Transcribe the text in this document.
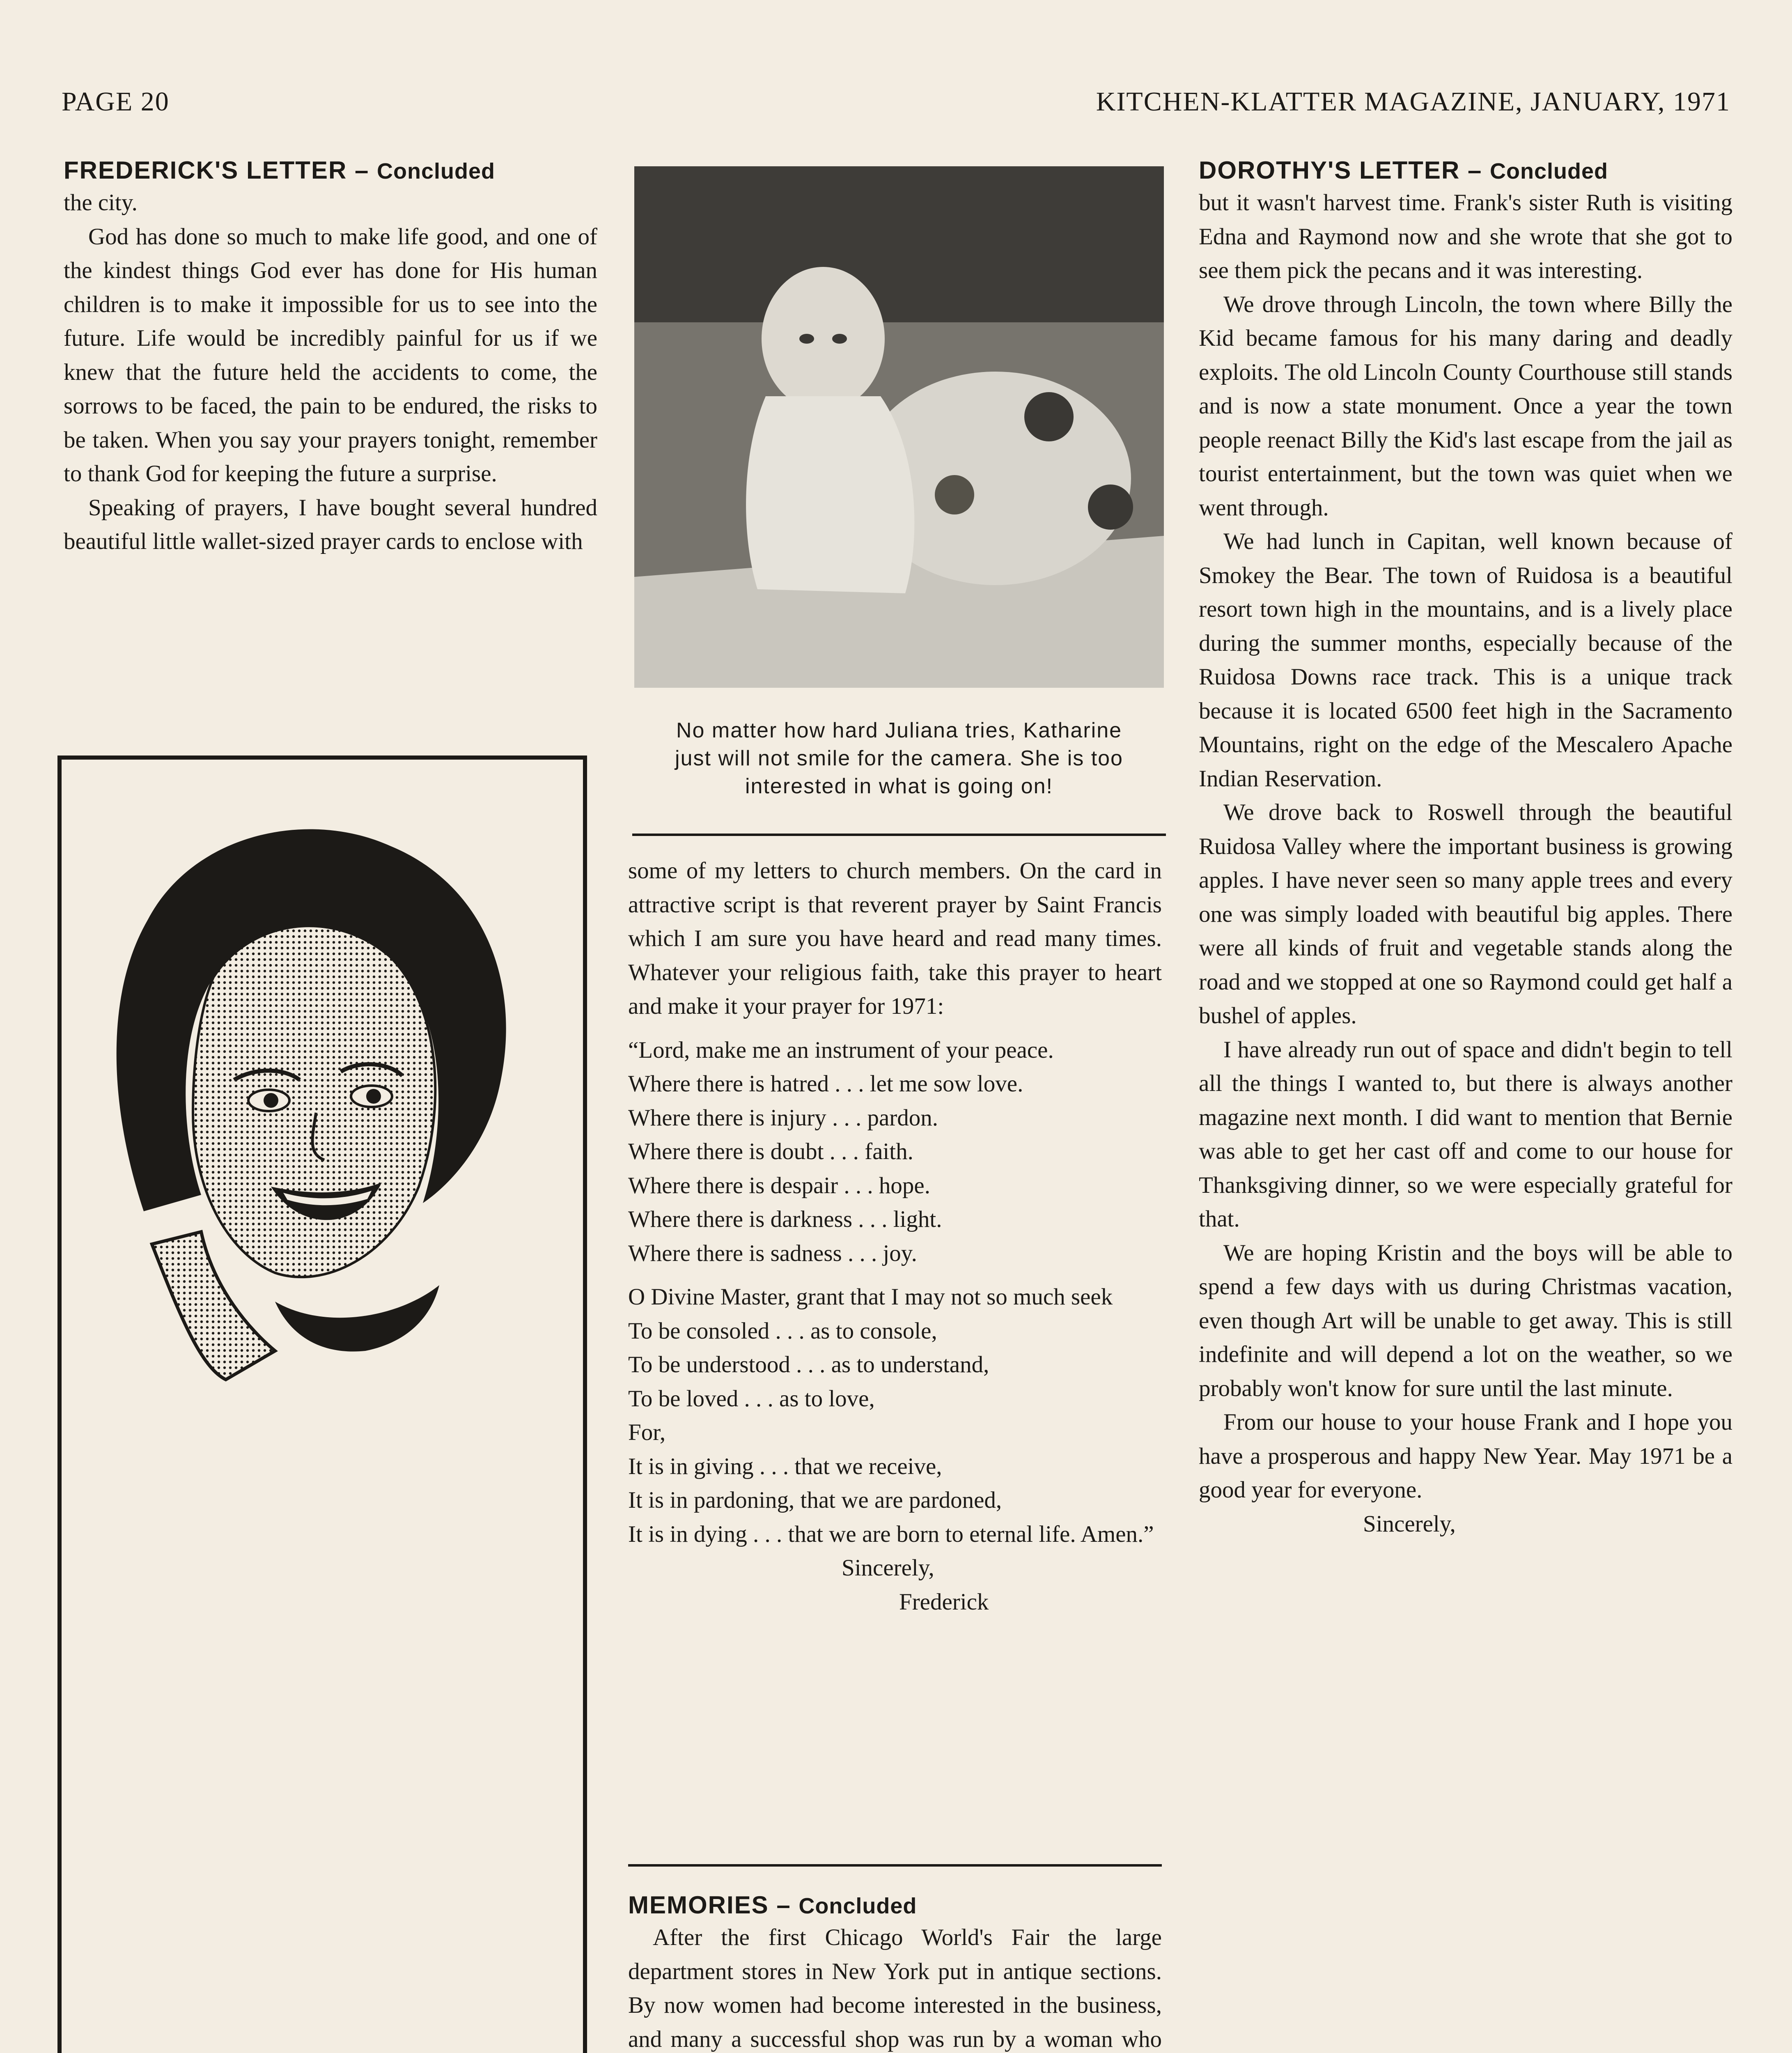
PAGE 20	KITCHEN-KLATTER MAGAZINE, JANUARY, 1971
FREDERICK'S LETTER – Concluded

the city.

God has done so much to make life good, and one of the kindest things God ever has done for His human children is to make it impossible for us to see into the future. Life would be incredibly painful for us if we knew that the future held the accidents to come, the sorrows to be faced, the pain to be endured, the risks to be taken. When you say your prayers tonight, remember to thank God for keeping the future a surprise.

Speaking of prayers, I have bought several hundred beautiful little wallet-sized prayer cards to enclose with

No matter how hard Juliana tries, Katharine just will not smile for the camera. She is too interested in what is going on!

some of my letters to church members. On the card in attractive script is that reverent prayer by Saint Francis which I am sure you have heard and read many times. Whatever your religious faith, take this prayer to heart and make it your prayer for 1971:

“Lord, make me an instrument of your peace.

Where there is hatred . . . let me sow love.

Where there is injury . . . pardon.

Where there is doubt . . . faith.

Where there is despair . . . hope.

Where there is darkness . . . light.

Where there is sadness . . . joy.

O Divine Master, grant that I may not so much seek

To be consoled . . . as to console,

To be understood . . . as to understand,

To be loved . . . as to love,

For,

It is in giving . . . that we receive,

It is in pardoning, that we are pardoned,

It is in dying . . . that we are born to eternal life. Amen.”

Sincerely,

Frederick

MEMORIES – Concluded

After the first Chicago World's Fair the large department stores in New York put in antique sections. By now women had become interested in the business, and many a successful shop was run by a woman who

DOROTHY'S LETTER – Concluded

but it wasn't harvest time. Frank's sister Ruth is visiting Edna and Raymond now and she wrote that she got to see them pick the pecans and it was interesting.

We drove through Lincoln, the town where Billy the Kid became famous for his many daring and deadly exploits. The old Lincoln County Courthouse still stands and is now a state monument. Once a year the town people reenact Billy the Kid's last escape from the jail as tourist entertainment, but the town was quiet when we went through.

We had lunch in Capitan, well known because of Smokey the Bear. The town of Ruidosa is a beautiful resort town high in the mountains, and is a lively place during the summer months, especially because of the Ruidosa Downs race track. This is a unique track because it is located 6500 feet high in the Sacramento Mountains, right on the edge of the Mescalero Apache Indian Reservation.

We drove back to Roswell through the beautiful Ruidosa Valley where the important business is growing apples. I have never seen so many apple trees and every one was simply loaded with beautiful big apples. There were all kinds of fruit and vegetable stands along the road and we stopped at one so Raymond could get half a bushel of apples.

I have already run out of space and didn't begin to tell all the things I wanted to, but there is always another magazine next month. I did want to mention that Bernie was able to get her cast off and come to our house for Thanksgiving dinner, so we were especially grateful for that.

We are hoping Kristin and the boys will be able to spend a few days with us during Christmas vacation, even though Art will be unable to get away. This is still indefinite and will depend a lot on the weather, so we probably won't know for sure until the last minute.

From our house to your house Frank and I hope you have a prosperous and happy New Year. May 1971 be a good year for everyone.

Sincerely,
